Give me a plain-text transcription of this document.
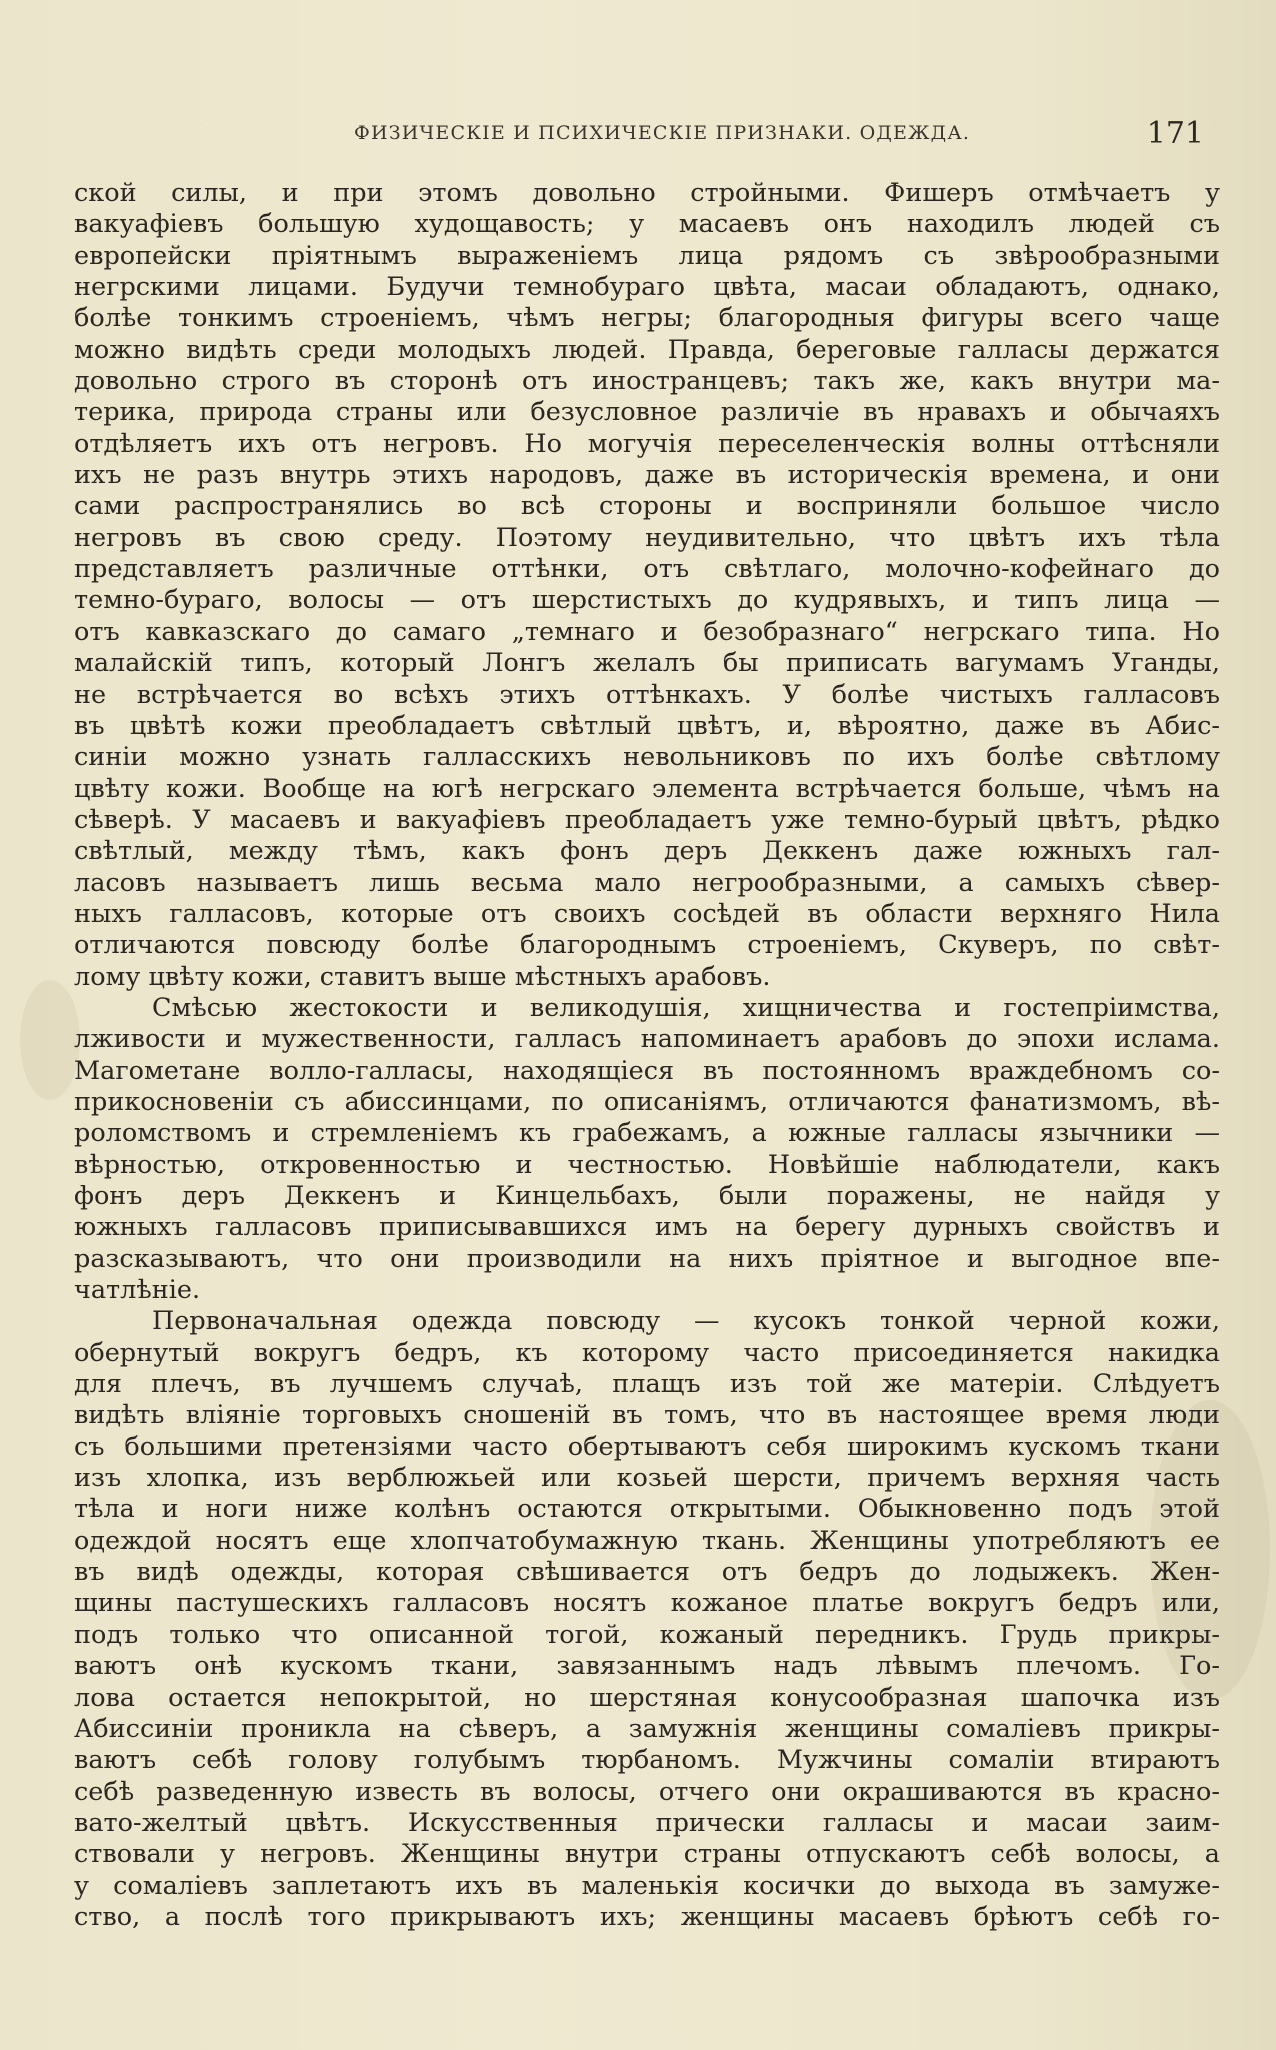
ФИЗИЧЕСКІЕ И ПСИХИЧЕСКІЕ ПРИЗНАКИ. ОДЕЖДА.	171
ской силы, и при этомъ довольно стройными. Фишеръ отмѣчаетъ у
вакуафіевъ большую худощавость; у масаевъ онъ находилъ людей съ
европейски пріятнымъ выраженіемъ лица рядомъ съ звѣрообразными
негрскими лицами. Будучи темнобураго цвѣта, масаи обладаютъ, однако,
болѣе тонкимъ строеніемъ, чѣмъ негры; благородныя фигуры всего чаще
можно видѣть среди молодыхъ людей. Правда, береговые галласы держатся
довольно строго въ сторонѣ отъ иностранцевъ; такъ же, какъ внутри ма-
терика, природа страны или безусловное различіе въ нравахъ и обычаяхъ
отдѣляетъ ихъ отъ негровъ. Но могучія переселенческія волны оттѣсняли
ихъ не разъ внутрь этихъ народовъ, даже въ историческія времена, и они
сами распространялись во всѣ стороны и восприняли большое число
негровъ въ свою среду. Поэтому неудивительно, что цвѣтъ ихъ тѣла
представляетъ различные оттѣнки, отъ свѣтлаго, молочно-кофейнаго до
темно-бураго, волосы — отъ шерстистыхъ до кудрявыхъ, и типъ лица —
отъ кавказскаго до самаго „темнаго и безобразнаго“ негрскаго типа. Но
малайскій типъ, который Лонгъ желалъ бы приписать вагумамъ Уганды,
не встрѣчается во всѣхъ этихъ оттѣнкахъ. У болѣе чистыхъ галласовъ
въ цвѣтѣ кожи преобладаетъ свѣтлый цвѣтъ, и, вѣроятно, даже въ Абис-
синіи можно узнать галласскихъ невольниковъ по ихъ болѣе свѣтлому
цвѣту кожи. Вообще на югѣ негрскаго элемента встрѣчается больше, чѣмъ на
сѣверѣ. У масаевъ и вакуафіевъ преобладаетъ уже темно-бурый цвѣтъ, рѣдко
свѣтлый, между тѣмъ, какъ фонъ деръ Деккенъ даже южныхъ гал-
ласовъ называетъ лишь весьма мало негрообразными, а самыхъ сѣвер-
ныхъ галласовъ, которые отъ своихъ сосѣдей въ области верхняго Нила
отличаются повсюду болѣе благороднымъ строеніемъ, Скуверъ, по свѣт-
лому цвѣту кожи, ставитъ выше мѣстныхъ арабовъ.
Смѣсью жестокости и великодушія, хищничества и гостепріимства,
лживости и мужественности, галласъ напоминаетъ арабовъ до эпохи ислама.
Магометане волло-галласы, находящіеся въ постоянномъ враждебномъ со-
прикосновеніи съ абиссинцами, по описаніямъ, отличаются фанатизмомъ, вѣ-
роломствомъ и стремленіемъ къ грабежамъ, а южные галласы язычники —
вѣрностью, откровенностью и честностью. Новѣйшіе наблюдатели, какъ
фонъ деръ Деккенъ и Кинцельбахъ, были поражены, не найдя у
южныхъ галласовъ приписывавшихся имъ на берегу дурныхъ свойствъ и
разсказываютъ, что они производили на нихъ пріятное и выгодное впе-
чатлѣніе.
Первоначальная одежда повсюду — кусокъ тонкой черной кожи,
обернутый вокругъ бедръ, къ которому часто присоединяется накидка
для плечъ, въ лучшемъ случаѣ, плащъ изъ той же матеріи. Слѣдуетъ
видѣть вліяніе торговыхъ сношеній въ томъ, что въ настоящее время люди
съ большими претензіями часто обертываютъ себя широкимъ кускомъ ткани
изъ хлопка, изъ верблюжьей или козьей шерсти, причемъ верхняя часть
тѣла и ноги ниже колѣнъ остаются открытыми. Обыкновенно подъ этой
одеждой носятъ еще хлопчатобумажную ткань. Женщины употребляютъ ее
въ видѣ одежды, которая свѣшивается отъ бедръ до лодыжекъ. Жен-
щины пастушескихъ галласовъ носятъ кожаное платье вокругъ бедръ или,
подъ только что описанной тогой, кожаный передникъ. Грудь прикры-
ваютъ онѣ кускомъ ткани, завязаннымъ надъ лѣвымъ плечомъ. Го-
лова остается непокрытой, но шерстяная конусообразная шапочка изъ
Абиссиніи проникла на сѣверъ, а замужнія женщины сомаліевъ прикры-
ваютъ себѣ голову голубымъ тюрбаномъ. Мужчины сомаліи втираютъ
себѣ разведенную известь въ волосы, отчего они окрашиваются въ красно-
вато-желтый цвѣтъ. Искусственныя прически галласы и масаи заим-
ствовали у негровъ. Женщины внутри страны отпускаютъ себѣ волосы, а
у сомаліевъ заплетаютъ ихъ въ маленькія косички до выхода въ замуже-
ство, а послѣ того прикрываютъ ихъ; женщины масаевъ брѣютъ себѣ го-
